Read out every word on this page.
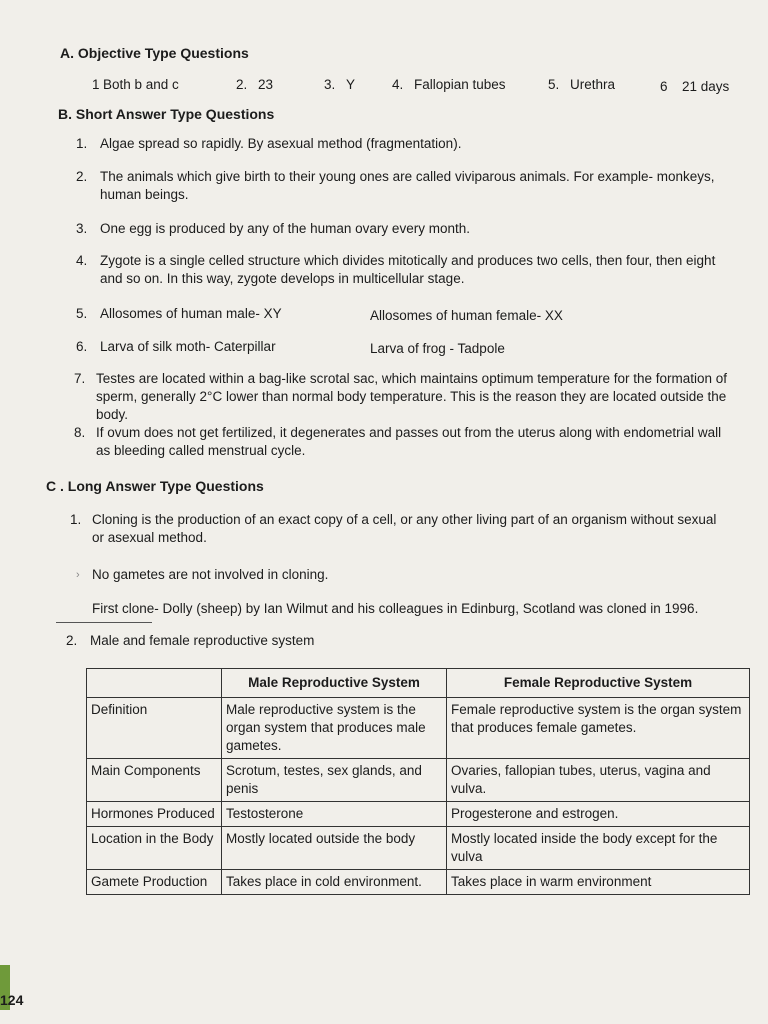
A. Objective Type Questions
1 Both b and c	2. 23	3. Y	4. Fallopian tubes	5. Urethra	6 21 days
B. Short Answer Type Questions
1. Algae spread so rapidly. By asexual method (fragmentation).
2. The animals which give birth to their young ones are called viviparous animals. For example- monkeys, human beings.
3. One egg is produced by any of the human ovary every month.
4. Zygote is a single celled structure which divides mitotically and produces two cells, then four, then eight and so on. In this way, zygote develops in multicellular stage.
5. Allosomes of human male- XY	Allosomes of human female- XX
6. Larva of silk moth- Caterpillar	Larva of frog - Tadpole
7. Testes are located within a bag-like scrotal sac, which maintains optimum temperature for the formation of sperm, generally 2°C lower than normal body temperature. This is the reason they are located outside the body.
8. If ovum does not get fertilized, it degenerates and passes out from the uterus along with endometrial wall as bleeding called menstrual cycle.
C . Long Answer Type Questions
1. Cloning is the production of an exact copy of a cell, or any other living part of an organism without sexual or asexual method.
› No gametes are not involved in cloning.
First clone- Dolly (sheep) by Ian Wilmut and his colleagues in Edinburg, Scotland was cloned in 1996.
2. Male and female reproductive system
	Male Reproductive System	Female Reproductive System
Definition	Male reproductive system is the organ system that produces male gametes.	Female reproductive system is the organ system that produces female gametes.
Main Components	Scrotum, testes, sex glands, and penis	Ovaries, fallopian tubes, uterus, vagina and vulva.
Hormones Produced	Testosterone	Progesterone and estrogen.
Location in the Body	Mostly located outside the body	Mostly located inside the body except for the vulva
Gamete Production	Takes place in cold environment.	Takes place in warm environment
124
